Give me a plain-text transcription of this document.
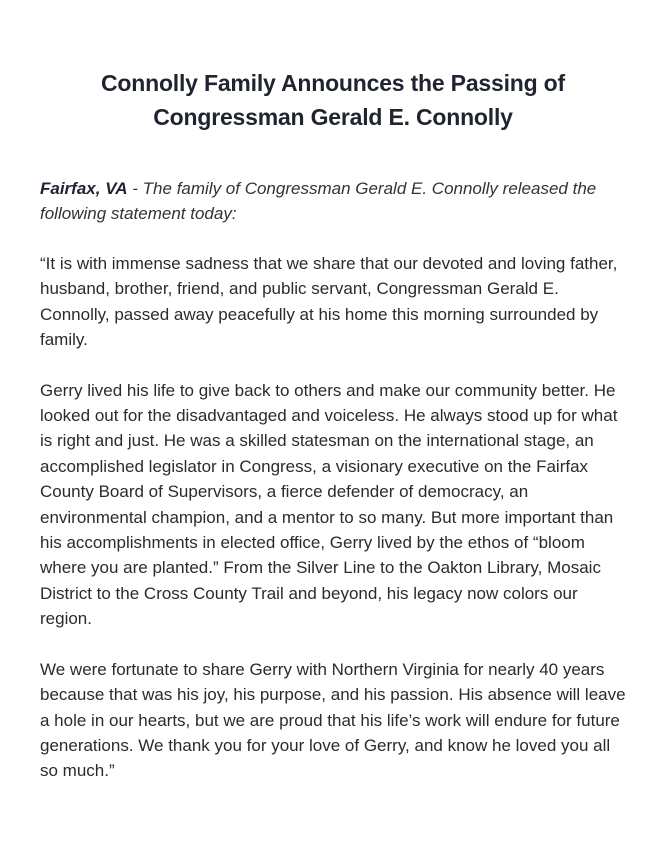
Connolly Family Announces the Passing of Congressman Gerald E. Connolly

Fairfax, VA - The family of Congressman Gerald E. Connolly released the following statement today:

“It is with immense sadness that we share that our devoted and loving father, husband, brother, friend, and public servant, Congressman Gerald E. Connolly, passed away peacefully at his home this morning surrounded by family.

Gerry lived his life to give back to others and make our community better. He looked out for the disadvantaged and voiceless. He always stood up for what is right and just. He was a skilled statesman on the international stage, an accomplished legislator in Congress, a visionary executive on the Fairfax County Board of Supervisors, a fierce defender of democracy, an environmental champion, and a mentor to so many. But more important than his accomplishments in elected office, Gerry lived by the ethos of “bloom where you are planted.” From the Silver Line to the Oakton Library, Mosaic District to the Cross County Trail and beyond, his legacy now colors our region.

We were fortunate to share Gerry with Northern Virginia for nearly 40 years because that was his joy, his purpose, and his passion. His absence will leave a hole in our hearts, but we are proud that his life’s work will endure for future generations. We thank you for your love of Gerry, and know he loved you all so much.”
